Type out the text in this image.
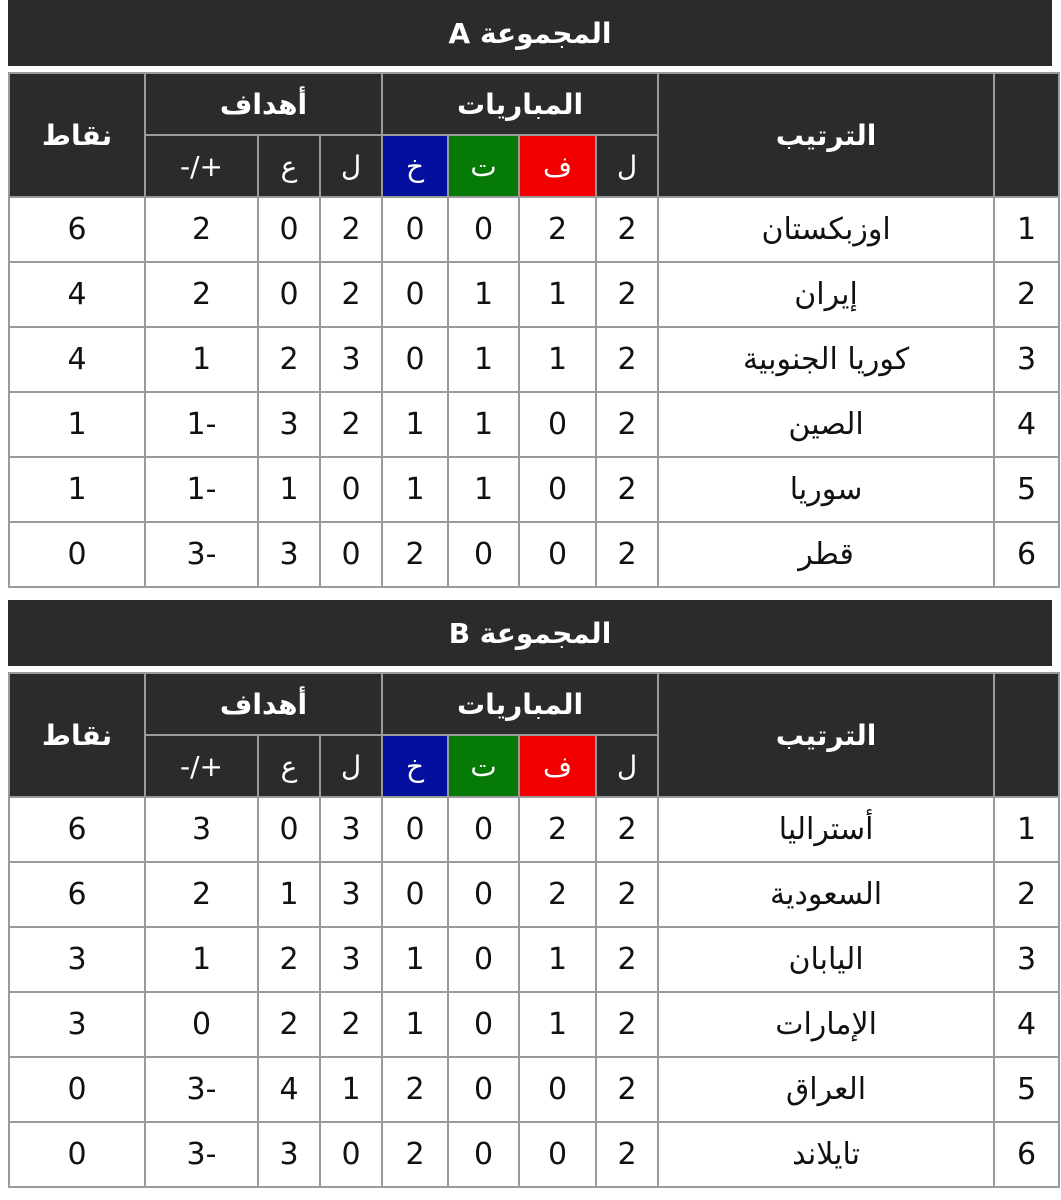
المجموعة A
	الترتيب	المباريات				أهداف			نقاط
		ل	ف	ت	خ	ل	ع	+/-	
1	اوزبكستان	2	2	0	0	2	0	2	6
2	إيران	2	1	1	0	2	0	2	4
3	كوريا الجنوبية	2	1	1	0	3	2	1	4
4	الصين	2	0	1	1	2	3	-1	1
5	سوريا	2	0	1	1	0	1	-1	1
6	قطر	2	0	0	2	0	3	-3	0
المجموعة B
	الترتيب	المباريات				أهداف			نقاط
		ل	ف	ت	خ	ل	ع	+/-	
1	أستراليا	2	2	0	0	3	0	3	6
2	السعودية	2	2	0	0	3	1	2	6
3	اليابان	2	1	0	1	3	2	1	3
4	الإمارات	2	1	0	1	2	2	0	3
5	العراق	2	0	0	2	1	4	-3	0
6	تايلاند	2	0	0	2	0	3	-3	0
